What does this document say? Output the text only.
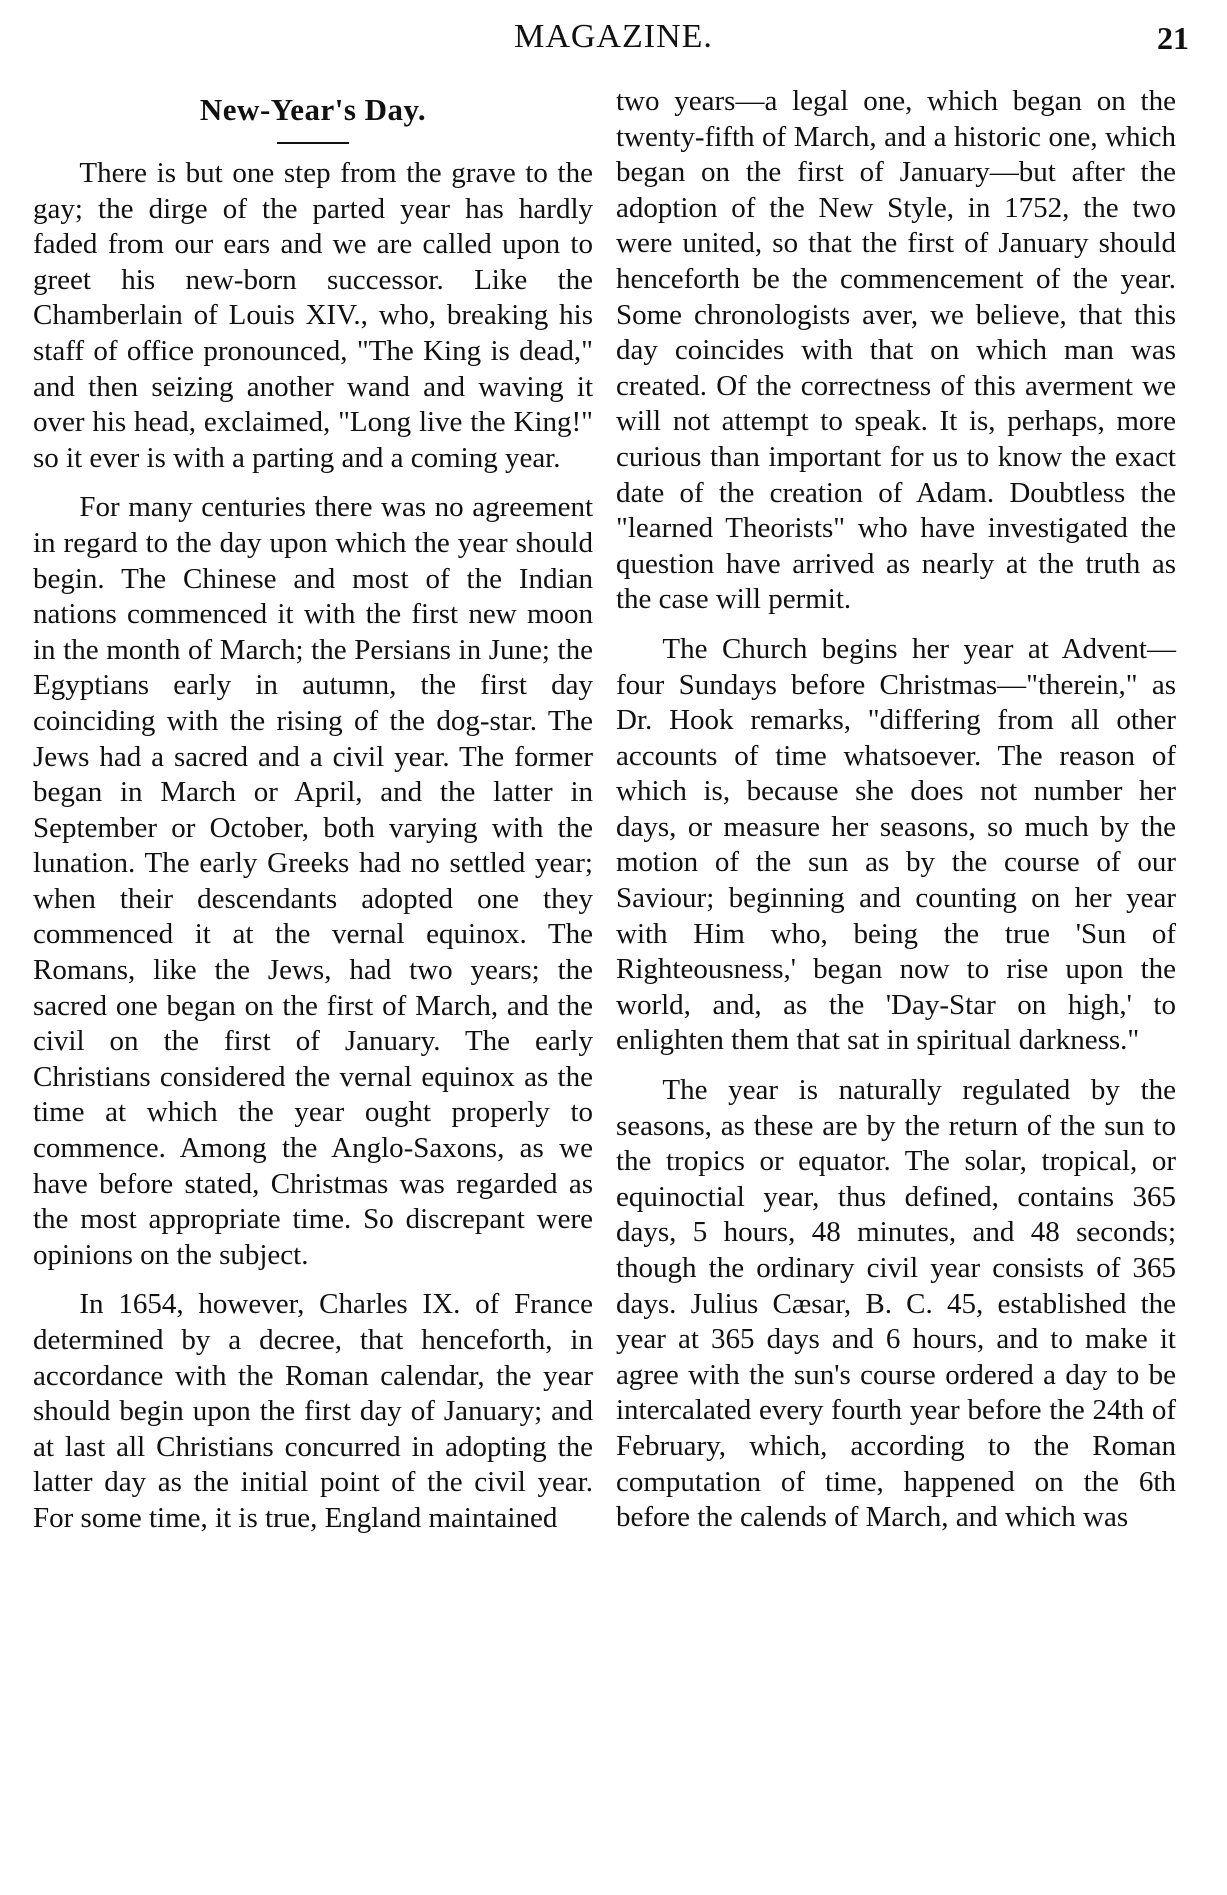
MAGAZINE.	21
New-Year's Day.

There is but one step from the grave to the gay; the dirge of the parted year has hardly faded from our ears and we are called upon to greet his new-born successor. Like the Chamberlain of Louis XIV., who, breaking his staff of office pronounced, "The King is dead," and then seizing another wand and waving it over his head, exclaimed, "Long live the King!" so it ever is with a parting and a coming year.

For many centuries there was no agreement in regard to the day upon which the year should begin. The Chinese and most of the Indian nations commenced it with the first new moon in the month of March; the Persians in June; the Egyptians early in autumn, the first day coinciding with the rising of the dog-star. The Jews had a sacred and a civil year. The former began in March or April, and the latter in September or October, both varying with the lunation. The early Greeks had no settled year; when their descendants adopted one they commenced it at the vernal equinox. The Romans, like the Jews, had two years; the sacred one began on the first of March, and the civil on the first of January. The early Christians considered the vernal equinox as the time at which the year ought properly to commence. Among the Anglo-Saxons, as we have before stated, Christmas was regarded as the most appropriate time. So discrepant were opinions on the subject.

In 1654, however, Charles IX. of France determined by a decree, that henceforth, in accordance with the Roman calendar, the year should begin upon the first day of January; and at last all Christians concurred in adopting the latter day as the initial point of the civil year. For some time, it is true, England maintained

two years—a legal one, which began on the twenty-fifth of March, and a historic one, which began on the first of January—but after the adoption of the New Style, in 1752, the two were united, so that the first of January should henceforth be the commencement of the year. Some chronologists aver, we believe, that this day coincides with that on which man was created. Of the correctness of this averment we will not attempt to speak. It is, perhaps, more curious than important for us to know the exact date of the creation of Adam. Doubtless the "learned Theorists" who have investigated the question have arrived as nearly at the truth as the case will permit.

The Church begins her year at Advent—four Sundays before Christmas—"therein," as Dr. Hook remarks, "differing from all other accounts of time whatsoever. The reason of which is, because she does not number her days, or measure her seasons, so much by the motion of the sun as by the course of our Saviour; beginning and counting on her year with Him who, being the true 'Sun of Righteousness,' began now to rise upon the world, and, as the 'Day-Star on high,' to enlighten them that sat in spiritual darkness."

The year is naturally regulated by the seasons, as these are by the return of the sun to the tropics or equator. The solar, tropical, or equinoctial year, thus defined, contains 365 days, 5 hours, 48 minutes, and 48 seconds; though the ordinary civil year consists of 365 days. Julius Cæsar, B. C. 45, established the year at 365 days and 6 hours, and to make it agree with the sun's course ordered a day to be intercalated every fourth year before the 24th of February, which, according to the Roman computation of time, happened on the 6th before the calends of March, and which was
